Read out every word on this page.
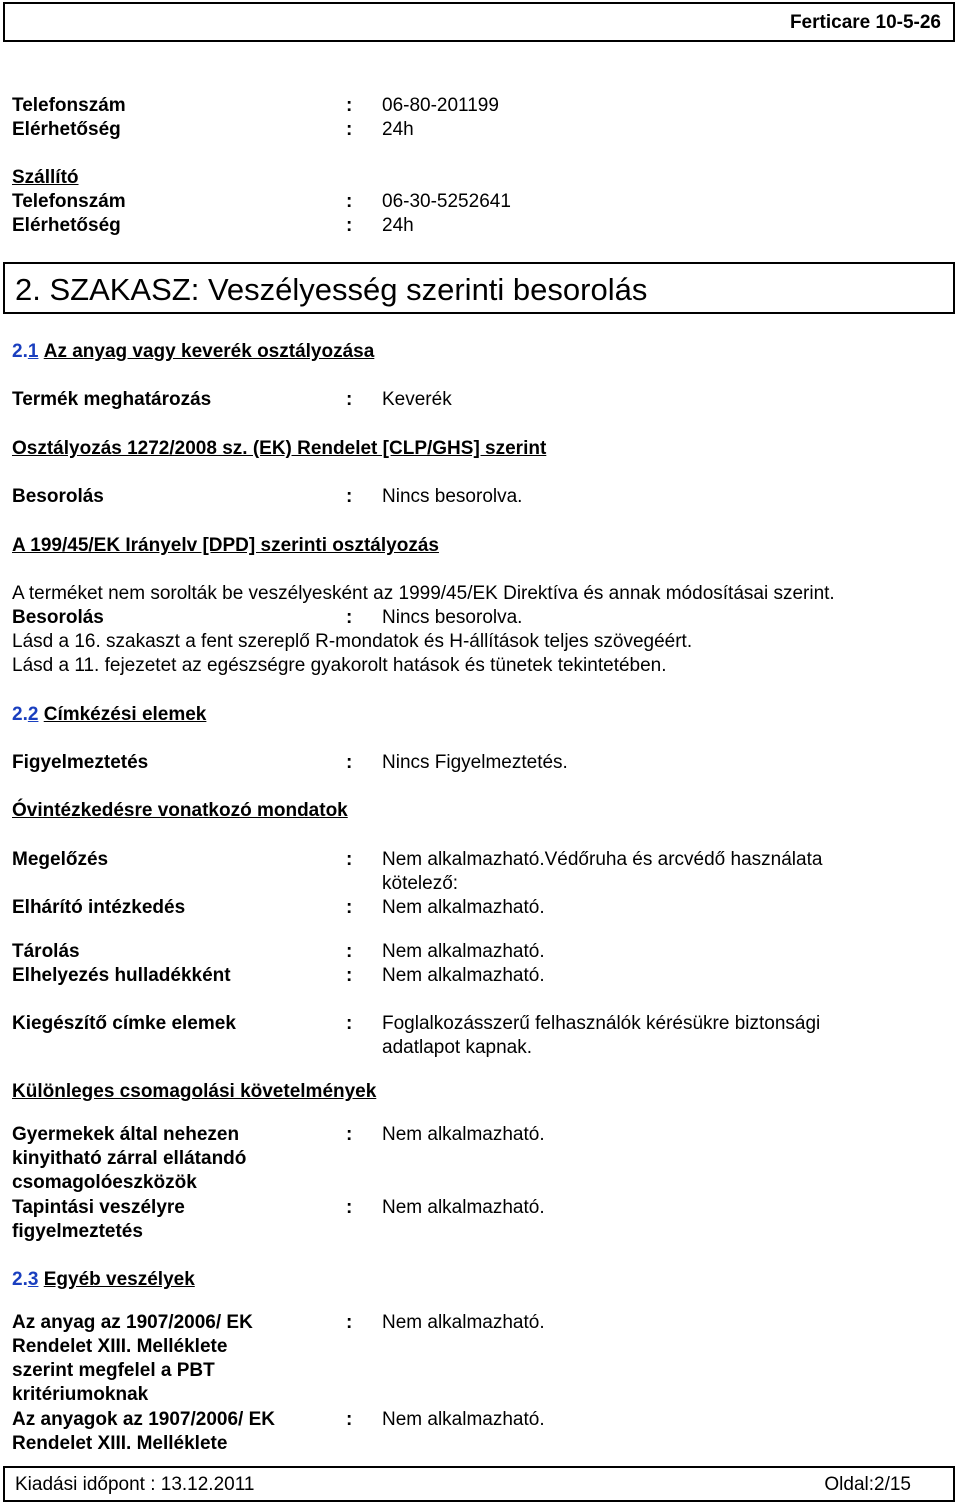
Ferticare 10-5-26
Telefonszám	:	06-80-201199
Elérhetőség	:	24h
Szállító
Telefonszám	:	06-30-5252641
Elérhetőség	:	24h
2. SZAKASZ: Veszélyesség szerinti besorolás
2.1 Az anyag vagy keverék osztályozása
Termék meghatározás	:	Keverék
Osztályozás 1272/2008 sz. (EK) Rendelet [CLP/GHS] szerint
Besorolás	:	Nincs besorolva.
A 199/45/EK Irányelv [DPD] szerinti osztályozás
A terméket nem sorolták be veszélyesként az 1999/45/EK Direktíva és annak módosításai szerint.
Besorolás	:	Nincs besorolva.
Lásd a 16. szakaszt a fent szereplő R-mondatok és H-állítások teljes szövegéért.
Lásd a 11. fejezetet az egészségre gyakorolt hatások és tünetek tekintetében.
2.2 Címkézési elemek
Figyelmeztetés	:	Nincs Figyelmeztetés.
Óvintézkedésre vonatkozó mondatok
Megelőzés	:	Nem alkalmazható.Védőruha és arcvédő használata kötelező:
Elhárító intézkedés	:	Nem alkalmazható.
Tárolás	:	Nem alkalmazható.
Elhelyezés hulladékként	:	Nem alkalmazható.
Kiegészítő címke elemek	:	Foglalkozásszerű felhasználók kérésükre biztonsági adatlapot kapnak.
Különleges csomagolási követelmények
Gyermekek által nehezen kinyitható zárral ellátandó csomagolóeszközök
:	Nem alkalmazható.
Tapintási veszélyre figyelmeztetés
:	Nem alkalmazható.
2.3 Egyéb veszélyek
Az anyag az 1907/2006/ EK Rendelet XIII. Melléklete szerint megfelel a PBT kritériumoknak
:	Nem alkalmazható.
Az anyagok az 1907/2006/ EK Rendelet XIII. Melléklete
:	Nem alkalmazható.
Kiadási időpont : 13.12.2011	Oldal:2/15
